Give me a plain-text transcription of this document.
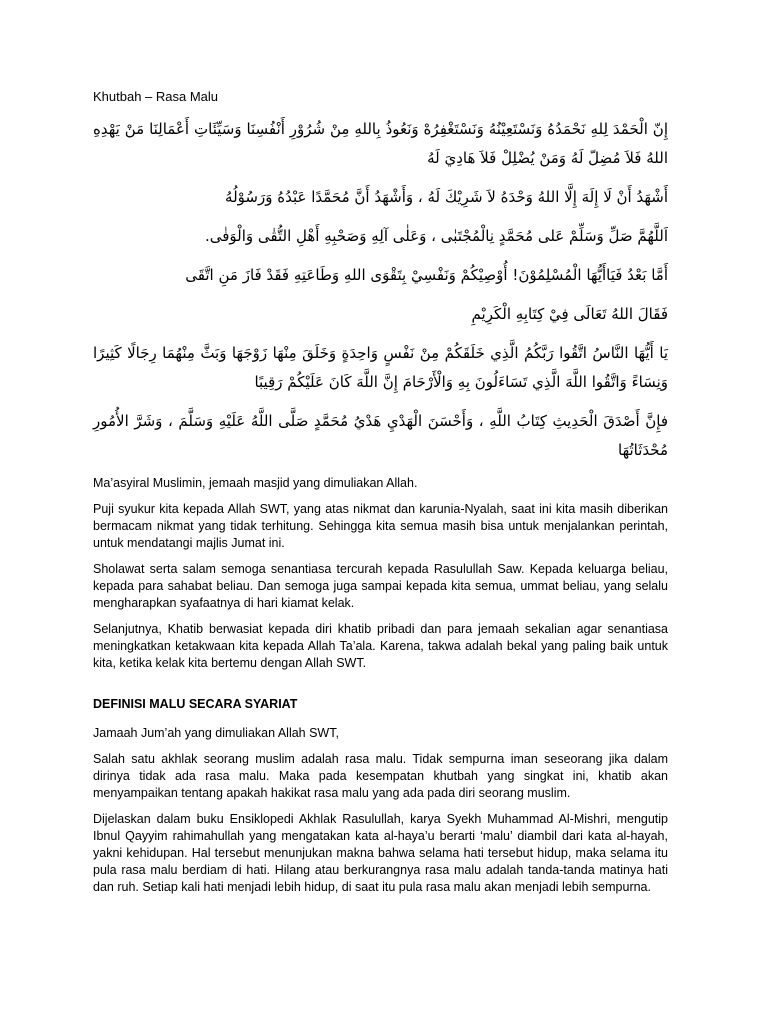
Khutbah – Rasa Malu
إِنّ الْحَمْدَ لِلهِ نَحْمَدُهُ وَنَسْتَعِيْنُهُ وَنَسْتَغْفِرُهْ وَنَعُوذُ بِاللهِ مِنْ شُرُوْرِ أَنْفُسِنَا وَسَيِّئَاتِ أَعْمَالِنَا مَنْ يَهْدِهِ اللهُ فَلاَ مُضِلّ لَهُ وَمَنْ يُضْلِلْ فَلاَ هَادِيَ لَهُ
أَشْهَدُ أَنْ لَا إِلَهَ إِلَّا اللهُ وَحْدَهُ لاَ شَرِيْكَ لَهُ ، وَأَشْهَدُ أَنَّ مُحَمَّدًا عَبْدُهُ وَرَسُوْلُهُ
اَللَّهُمَّ صَلِّ وَسَلِّمْ عَلى مُحَمَّدٍ نِالْمُجْتَبٰى ، وَعَلٰى آلِهِ وَصَحْبِهِ أَهْلِ التُّقٰى وَالْوَفٰى.
أَمَّا بَعْدُ فَيَاأَيُّهَا الْمُسْلِمُوْنَ! أُوْصِيْكُمْ وَنَفْسِيْ بِتَقْوَى اللهِ وَطَاعَتِهِ فَقَدْ فَازَ مَنِ اتَّقَى
فَقَالَ اللهُ تَعَالَى فِيْ كِتَابِهِ الْكَرِيْمِ
يَا أَيُّهَا النَّاسُ اتَّقُوا رَبَّكُمُ الَّذِي خَلَقَكُمْ مِنْ نَفْسٍ وَاحِدَةٍ وَخَلَقَ مِنْهَا زَوْجَهَا وَبَثَّ مِنْهُمَا رِجَالًا كَثِيرًا وَنِسَاءً وَاتَّقُوا اللَّهَ الَّذِي تَسَاءَلُونَ بِهِ وَالْأَرْحَامَ إِنَّ اللَّهَ كَانَ عَلَيْكُمْ رَقِيبًا
فإِنَّ أَصْدَقَ الْحَدِيثِ كِتَابُ اللَّهِ ، وَأَحْسَنَ الْهَدْيِ هَدْيُ مُحَمَّدٍ صَلَّى اللَّهُ عَلَيْهِ وَسَلَّمَ ، وَشَرَّ الأُمُورِ مُحْدَثَاتُهَا

Ma’asyiral Muslimin, jemaah masjid yang dimuliakan Allah.

Puji syukur kita kepada Allah SWT, yang atas nikmat dan karunia-Nyalah, saat ini kita masih diberikan bermacam nikmat yang tidak terhitung. Sehingga kita semua masih bisa untuk menjalankan perintah, untuk mendatangi majlis Jumat ini.

Sholawat serta salam semoga senantiasa tercurah kepada Rasulullah Saw. Kepada keluarga beliau, kepada para sahabat beliau. Dan semoga juga sampai kepada kita semua, ummat beliau, yang selalu mengharapkan syafaatnya di hari kiamat kelak.

Selanjutnya, Khatib berwasiat kepada diri khatib pribadi dan para jemaah sekalian agar senantiasa meningkatkan ketakwaan kita kepada Allah Ta’ala. Karena, takwa adalah bekal yang paling baik untuk kita, ketika kelak kita bertemu dengan Allah SWT.

DEFINISI MALU SECARA SYARIAT

Jamaah Jum’ah yang dimuliakan Allah SWT,

Salah satu akhlak seorang muslim adalah rasa malu. Tidak sempurna iman seseorang jika dalam dirinya tidak ada rasa malu. Maka pada kesempatan khutbah yang singkat ini, khatib akan menyampaikan tentang apakah hakikat rasa malu yang ada pada diri seorang muslim.

Dijelaskan dalam buku Ensiklopedi Akhlak Rasulullah, karya Syekh Muhammad Al-Mishri, mengutip Ibnul Qayyim rahimahullah yang mengatakan kata al-haya’u berarti ‘malu’ diambil dari kata al-hayah, yakni kehidupan. Hal tersebut menunjukan makna bahwa selama hati tersebut hidup, maka selama itu pula rasa malu berdiam di hati. Hilang atau berkurangnya rasa malu adalah tanda-tanda matinya hati dan ruh. Setiap kali hati menjadi lebih hidup, di saat itu pula rasa malu akan menjadi lebih sempurna.
